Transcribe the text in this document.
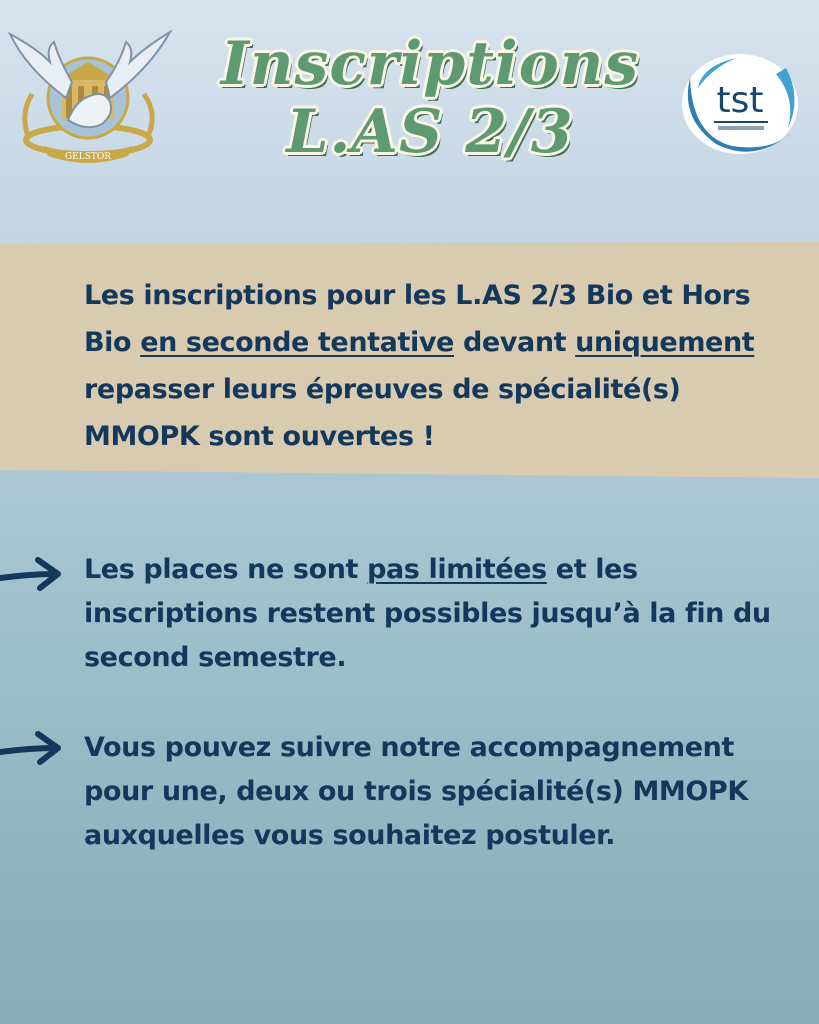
GELSTOR
Inscriptions
L.AS 2/3	tst

Les inscriptions pour les L.AS 2/3 Bio et Hors Bio en seconde tentative devant uniquement repasser leurs épreuves de spécialité(s) MMOPK sont ouvertes !

Les places ne sont pas limitées et les inscriptions restent possibles jusqu’à la fin du second semestre.

Vous pouvez suivre notre accompagnement pour une, deux ou trois spécialité(s) MMOPK auxquelles vous souhaitez postuler.
